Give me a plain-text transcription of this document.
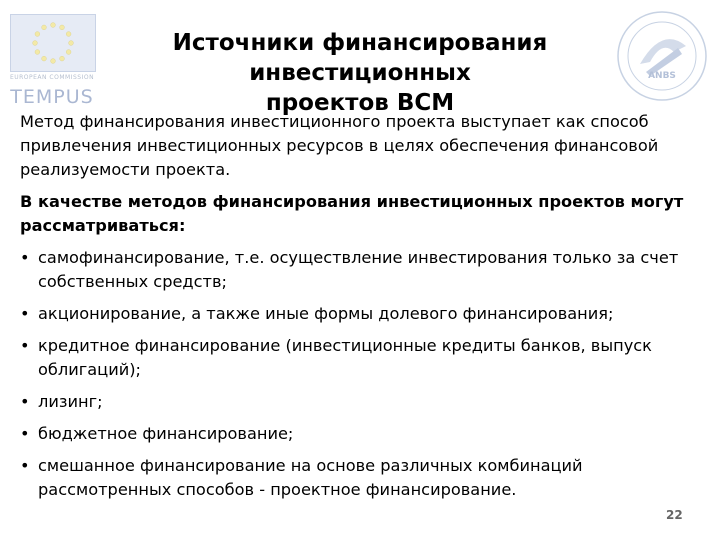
EUROPEAN COMMISSION
TEMPUS
ANBS
Источники финансирования инвестиционных
проектов ВСМ

Метод финансирования инвестиционного проекта выступает как способ привлечения инвестиционных ресурсов в целях обеспечения финансовой реализуемости проекта.

В качестве методов финансирования инвестиционных проектов могут рассматриваться:

• самофинансирование, т.е. осуществление инвестирования только за счет собственных средств;
• акционирование, а также иные формы долевого финансирования;
• кредитное финансирование (инвестиционные кредиты банков, выпуск облигаций);
• лизинг;
• бюджетное финансирование;
• смешанное финансирование на основе различных комбинаций рассмотренных способов - проектное финансирование.
22
